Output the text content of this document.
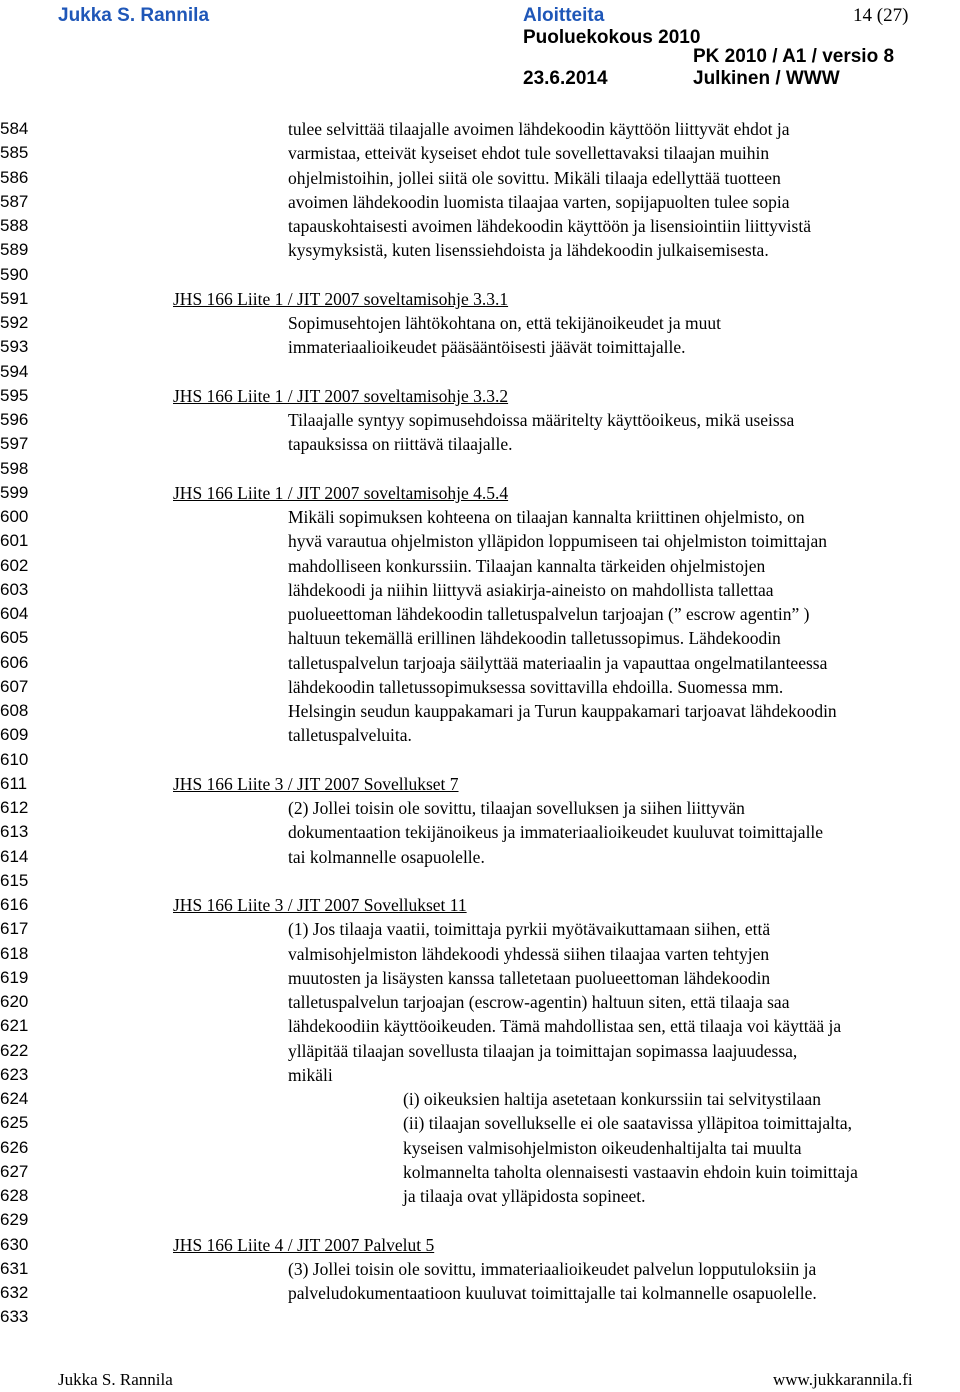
Jukka S. Rannila	Aloitteita	14 (27)
Puoluekokous 2010
PK 2010 / A1 / versio 8
23.6.2014	Julkinen / WWW
584	tulee selvittää tilaajalle avoimen lähdekoodin käyttöön liittyvät ehdot ja
585	varmistaa, etteivät kyseiset ehdot tule sovellettavaksi tilaajan muihin
586	ohjelmistoihin, jollei siitä ole sovittu. Mikäli tilaaja edellyttää tuotteen
587	avoimen lähdekoodin luomista tilaajaa varten, sopijapuolten tulee sopia
588	tapauskohtaisesti avoimen lähdekoodin käyttöön ja lisensiointiin liittyvistä
589	kysymyksistä, kuten lisenssiehdoista ja lähdekoodin julkaisemisesta.
590
591	JHS 166 Liite 1 / JIT 2007 soveltamisohje 3.3.1
592	Sopimusehtojen lähtökohtana on, että tekijänoikeudet ja muut
593	immateriaalioikeudet pääsääntöisesti jäävät toimittajalle.
594
595	JHS 166 Liite 1 / JIT 2007 soveltamisohje 3.3.2
596	Tilaajalle syntyy sopimusehdoissa määritelty käyttöoikeus, mikä useissa
597	tapauksissa on riittävä tilaajalle.
598
599	JHS 166 Liite 1 / JIT 2007 soveltamisohje 4.5.4
600	Mikäli sopimuksen kohteena on tilaajan kannalta kriittinen ohjelmisto, on
601	hyvä varautua ohjelmiston ylläpidon loppumiseen tai ohjelmiston toimittajan
602	mahdolliseen konkurssiin. Tilaajan kannalta tärkeiden ohjelmistojen
603	lähdekoodi ja niihin liittyvä asiakirja-aineisto on mahdollista tallettaa
604	puolueettoman lähdekoodin talletuspalvelun tarjoajan (” escrow agentin” )
605	haltuun tekemällä erillinen lähdekoodin talletussopimus. Lähdekoodin
606	talletuspalvelun tarjoaja säilyttää materiaalin ja vapauttaa ongelmatilanteessa
607	lähdekoodin talletussopimuksessa sovittavilla ehdoilla. Suomessa mm.
608	Helsingin seudun kauppakamari ja Turun kauppakamari tarjoavat lähdekoodin
609	talletuspalveluita.
610
611	JHS 166 Liite 3 / JIT 2007 Sovellukset 7
612	(2) Jollei toisin ole sovittu, tilaajan sovelluksen ja siihen liittyvän
613	dokumentaation tekijänoikeus ja immateriaalioikeudet kuuluvat toimittajalle
614	tai kolmannelle osapuolelle.
615
616	JHS 166 Liite 3 / JIT 2007 Sovellukset 11
617	(1) Jos tilaaja vaatii, toimittaja pyrkii myötävaikuttamaan siihen, että
618	valmisohjelmiston lähdekoodi yhdessä siihen tilaajaa varten tehtyjen
619	muutosten ja lisäysten kanssa talletetaan puolueettoman lähdekoodin
620	talletuspalvelun tarjoajan (escrow-agentin) haltuun siten, että tilaaja saa
621	lähdekoodiin käyttöoikeuden. Tämä mahdollistaa sen, että tilaaja voi käyttää ja
622	ylläpitää tilaajan sovellusta tilaajan ja toimittajan sopimassa laajuudessa,
623	mikäli
624	(i) oikeuksien haltija asetetaan konkurssiin tai selvitystilaan
625	(ii) tilaajan sovellukselle ei ole saatavissa ylläpitoa toimittajalta,
626	kyseisen valmisohjelmiston oikeudenhaltijalta tai muulta
627	kolmannelta taholta olennaisesti vastaavin ehdoin kuin toimittaja
628	ja tilaaja ovat ylläpidosta sopineet.
629
630	JHS 166 Liite 4 / JIT 2007 Palvelut 5
631	(3) Jollei toisin ole sovittu, immateriaalioikeudet palvelun lopputuloksiin ja
632	palveludokumentaatioon kuuluvat toimittajalle tai kolmannelle osapuolelle.
633
Jukka S. Rannila	www.jukkarannila.fi
